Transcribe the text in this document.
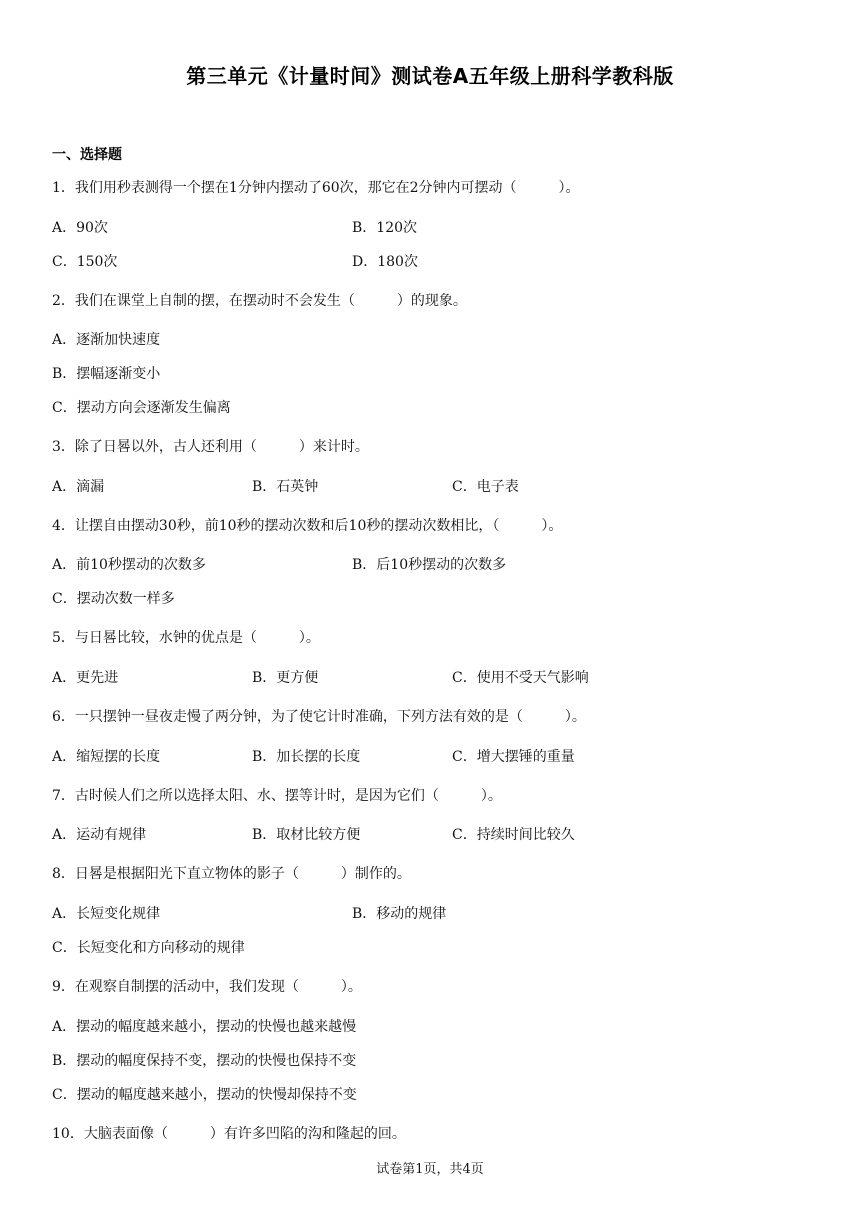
第三单元《计量时间》测试卷A五年级上册科学教科版
一、选择题
1．我们用秒表测得一个摆在1分钟内摆动了60次，那它在2分钟内可摆动（　　　）。
A．90次	B．120次
C．150次	D．180次
2．我们在课堂上自制的摆，在摆动时不会发生（　　　）的现象。
A．逐渐加快速度
B．摆幅逐渐变小
C．摆动方向会逐渐发生偏离
3．除了日晷以外，古人还利用（　　　）来计时。
A．滴漏	B．石英钟	C．电子表
4．让摆自由摆动30秒，前10秒的摆动次数和后10秒的摆动次数相比，（　　　）。
A．前10秒摆动的次数多	B．后10秒摆动的次数多
C．摆动次数一样多
5．与日晷比较，水钟的优点是（　　　）。
A．更先进	B．更方便	C．使用不受天气影响
6．一只摆钟一昼夜走慢了两分钟，为了使它计时准确，下列方法有效的是（　　　）。
A．缩短摆的长度	B．加长摆的长度	C．增大摆锤的重量
7．古时候人们之所以选择太阳、水、摆等计时，是因为它们（　　　）。
A．运动有规律	B．取材比较方便	C．持续时间比较久
8．日晷是根据阳光下直立物体的影子（　　　）制作的。
A．长短变化规律	B．移动的规律
C．长短变化和方向移动的规律
9．在观察自制摆的活动中，我们发现（　　　）。
A．摆动的幅度越来越小，摆动的快慢也越来越慢
B．摆动的幅度保持不变，摆动的快慢也保持不变
C．摆动的幅度越来越小，摆动的快慢却保持不变
10．大脑表面像（　　　）有许多凹陷的沟和隆起的回。
试卷第1页，共4页
